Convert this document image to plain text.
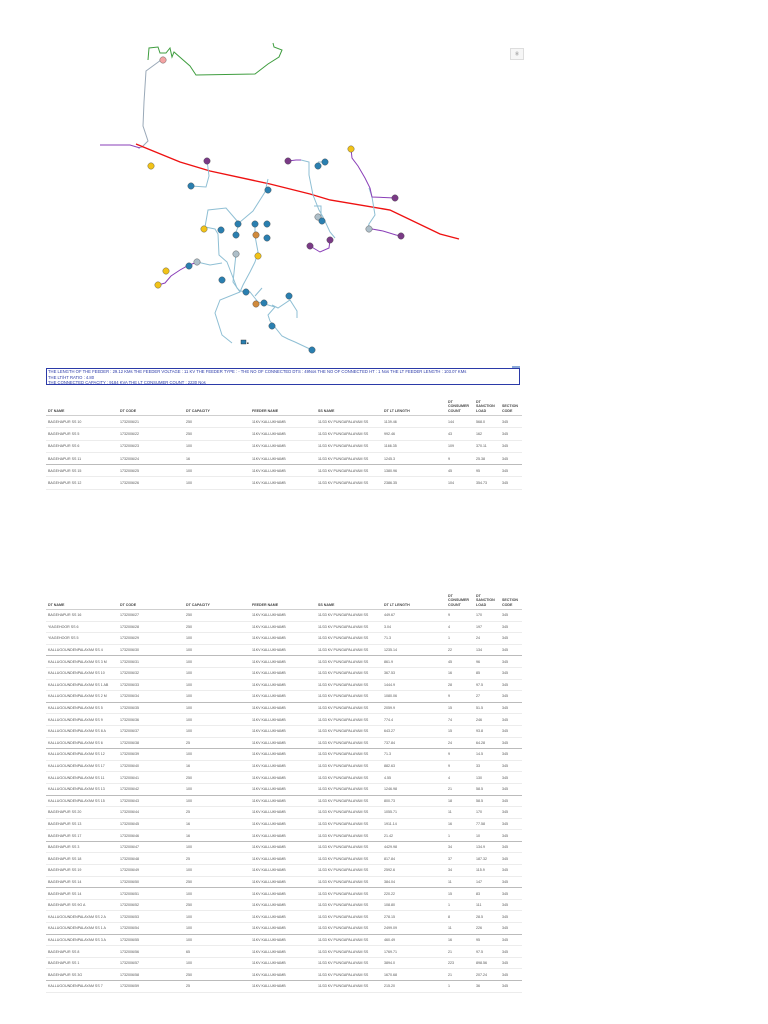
■
Ⓜ
THE LENGTH OF THE FEEDER : 29.12 KMs THE FEEDER VOLTAGE : 11 KV THE FEEDER TYPE : - THE NO OF CONNECTED DTS : 49Nos THE NO OF CONNECTED HT : 1 Nos THE LT FEEDER LENGTH : 103.07 KMs
THE LT/HT RATIO : 4.80
THE CONNECTED CAPACITY : 9184 KVA THE LT CONSUMER COUNT : 2230 Nos
DT NAME	DT CODE	DT CAPACITY	FEEDER NAME	SS NAME	DT LT LENGTH	DT CONSUMER COUNT	DT SANCTION LOAD	SECTION CODE
BAGEHAPUR SS 10	1732006/21	250	11KV KALLUKHAMB	11/33 KV PUNGAPALAYAM SS	1139.46	144	568.0	345
BAGEHAPUR SS 5	1732006/22	250	11KV KALLUKHAMB	11/33 KV PUNGAPALAYAM SS	992.46	43	162	345
BAGEHAPUR SS 6	1732006/23	100	11KV KALLUKHAMB	11/33 KV PUNGAPALAYAM SS	1166.35	109	370.11	345
BAGEHAPUR SS 11	1732006/24	16	11KV KALLUKHAMB	11/33 KV PUNGAPALAYAM SS	1245.3	9	25.38	345
BAGEHAPUR SS 15	1732006/25	100	11KV KALLUKHAMB	11/33 KV PUNGAPALAYAM SS	1380.96	45	95	345
BAGEHAPUR SS 12	1732006/26	100	11KV KALLUKHAMB	11/33 KV PUNGAPALAYAM SS	2386.35	104	354.73	345
DT NAME	DT CODE	DT CAPACITY	FEEDER NAME	SS NAME	DT LT LENGTH	DT CONSUMER COUNT	DT SANCTION LOAD	SECTION CODE
BAGEHAPUR SS 16	1732006/27	250	11KV KALLUKHAMB	11/33 KV PUNGAPALAYAM SS	449.67	9	170	345
YIAGEHOOR SS 6	1732006/28	250	11KV KALLUKHAMB	11/33 KV PUNGAPALAYAM SS	3.04	4	197	345
YIAGEHOOR SS 5	1732006/29	100	11KV KALLUKHAMB	11/33 KV PUNGAPALAYAM SS	71.3	1	24	345
KALLUGOUNDENPALAYAM SS 4	1732006/30	100	11KV KALLUKHAMB	11/33 KV PUNGAPALAYAM SS	1235.14	22	134	345
KALLUGOUNDENPALAYAM SS 3 M	1732006/31	100	11KV KALLUKHAMB	11/33 KV PUNGAPALAYAM SS	861.9	45	96	345
KALLUGOUNDENPALAYAM SS 10	1732006/32	100	11KV KALLUKHAMB	11/33 KV PUNGAPALAYAM SS	367.53	16	85	345
KALLUGOUNDENPALAYAM SS 1 AB	1732006/33	100	11KV KALLUKHAMB	11/33 KV PUNGAPALAYAM SS	1444.9	28	97.5	345
KALLUGOUNDENPALAYAM SS 2 M	1732006/34	100	11KV KALLUKHAMB	11/33 KV PUNGAPALAYAM SS	1080.06	9	27	345
KALLUGOUNDENPALAYAM SS 5	1732006/35	100	11KV KALLUKHAMB	11/33 KV PUNGAPALAYAM SS	2059.9	15	51.5	345
KALLUGOUNDENPALAYAM SS 9	1732006/36	100	11KV KALLUKHAMB	11/33 KV PUNGAPALAYAM SS	774.4	74	246	345
KALLUGOUNDENPALAYAM SS 8 A	1732006/37	100	11KV KALLUKHAMB	11/33 KV PUNGAPALAYAM SS	643.27	15	93.8	345
KALLUGOUNDENPALAYAM SS 6	1732006/38	25	11KV KALLUKHAMB	11/33 KV PUNGAPALAYAM SS	737.84	24	64.28	345
KALLUGOUNDENPALAYAM SS 12	1732006/39	100	11KV KALLUKHAMB	11/33 KV PUNGAPALAYAM SS	71.3	9	14.5	345
KALLUGOUNDENPALAYAM SS 17	1732006/40	16	11KV KALLUKHAMB	11/33 KV PUNGAPALAYAM SS	882.63	9	33	345
KALLUGOUNDENPALAYAM SS 11	1732006/41	250	11KV KALLUKHAMB	11/33 KV PUNGAPALAYAM SS	4.55	4	130	345
KALLUGOUNDENPALAYAM SS 13	1732006/42	100	11KV KALLUKHAMB	11/33 KV PUNGAPALAYAM SS	1246.98	21	58.5	345
KALLUGOUNDENPALAYAM SS 15	1732006/43	100	11KV KALLUKHAMB	11/33 KV PUNGAPALAYAM SS	800.73	18	58.5	345
BAGEHAPUR SS 20	1732006/44	25	11KV KALLUKHAMB	11/33 KV PUNGAPALAYAM SS	1055.71	11	170	345
BAGEHAPUR SS 13	1732006/45	16	11KV KALLUKHAMB	11/33 KV PUNGAPALAYAM SS	1911.14	16	77.58	345
BAGEHAPUR SS 17	1732006/46	16	11KV KALLUKHAMB	11/33 KV PUNGAPALAYAM SS	21.42	1	10	345
BAGEHAPUR SS 3	1732006/47	100	11KV KALLUKHAMB	11/33 KV PUNGAPALAYAM SS	4429.98	34	134.9	345
BAGEHAPUR SS 18	1732006/48	25	11KV KALLUKHAMB	11/33 KV PUNGAPALAYAM SS	817.84	37	187.32	345
BAGEHAPUR SS 19	1732006/49	100	11KV KALLUKHAMB	11/33 KV PUNGAPALAYAM SS	2592.6	34	115.9	345
BAGEHAPUR SS 14	1732006/50	250	11KV KALLUKHAMB	11/33 KV PUNGAPALAYAM SS	384.04	11	147	345
BAGEHAPUR SS 14	1732006/51	100	11KV KALLUKHAMB	11/33 KV PUNGAPALAYAM SS	220.22	15	83	345
BAGEHAPUR SS 9G A	1732006/52	250	11KV KALLUKHAMB	11/33 KV PUNGAPALAYAM SS	108.80	1	111	345
KALLUGOUNDENPALAYAM SS 2 A	1732006/53	100	11KV KALLUKHAMB	11/33 KV PUNGAPALAYAM SS	278.15	8	28.5	345
KALLUGOUNDENPALAYAM SS 1 A	1732006/54	100	11KV KALLUKHAMB	11/33 KV PUNGAPALAYAM SS	2499.09	11	226	345
KALLUGOUNDENPALAYAM SS 3 A	1732006/55	100	11KV KALLUKHAMB	11/33 KV PUNGAPALAYAM SS	460.49	16	95	345
BAGEHAPUR SS 8	1732006/56	65	11KV KALLUKHAMB	11/33 KV PUNGAPALAYAM SS	1769.71	21	97.5	345
BAGEHAPUR SS 1	1732006/57	100	11KV KALLUKHAMB	11/33 KV PUNGAPALAYAM SS	3894.0	223	898.56	345
BAGEHAPUR SS 3G	1732006/58	250	11KV KALLUKHAMB	11/33 KV PUNGAPALAYAM SS	1670.68	21	207.24	345
KALLUGOUNDENPALAYAM SS 7	1732006/59	25	11KV KALLUKHAMB	11/33 KV PUNGAPALAYAM SS	215.20	1	36	345
